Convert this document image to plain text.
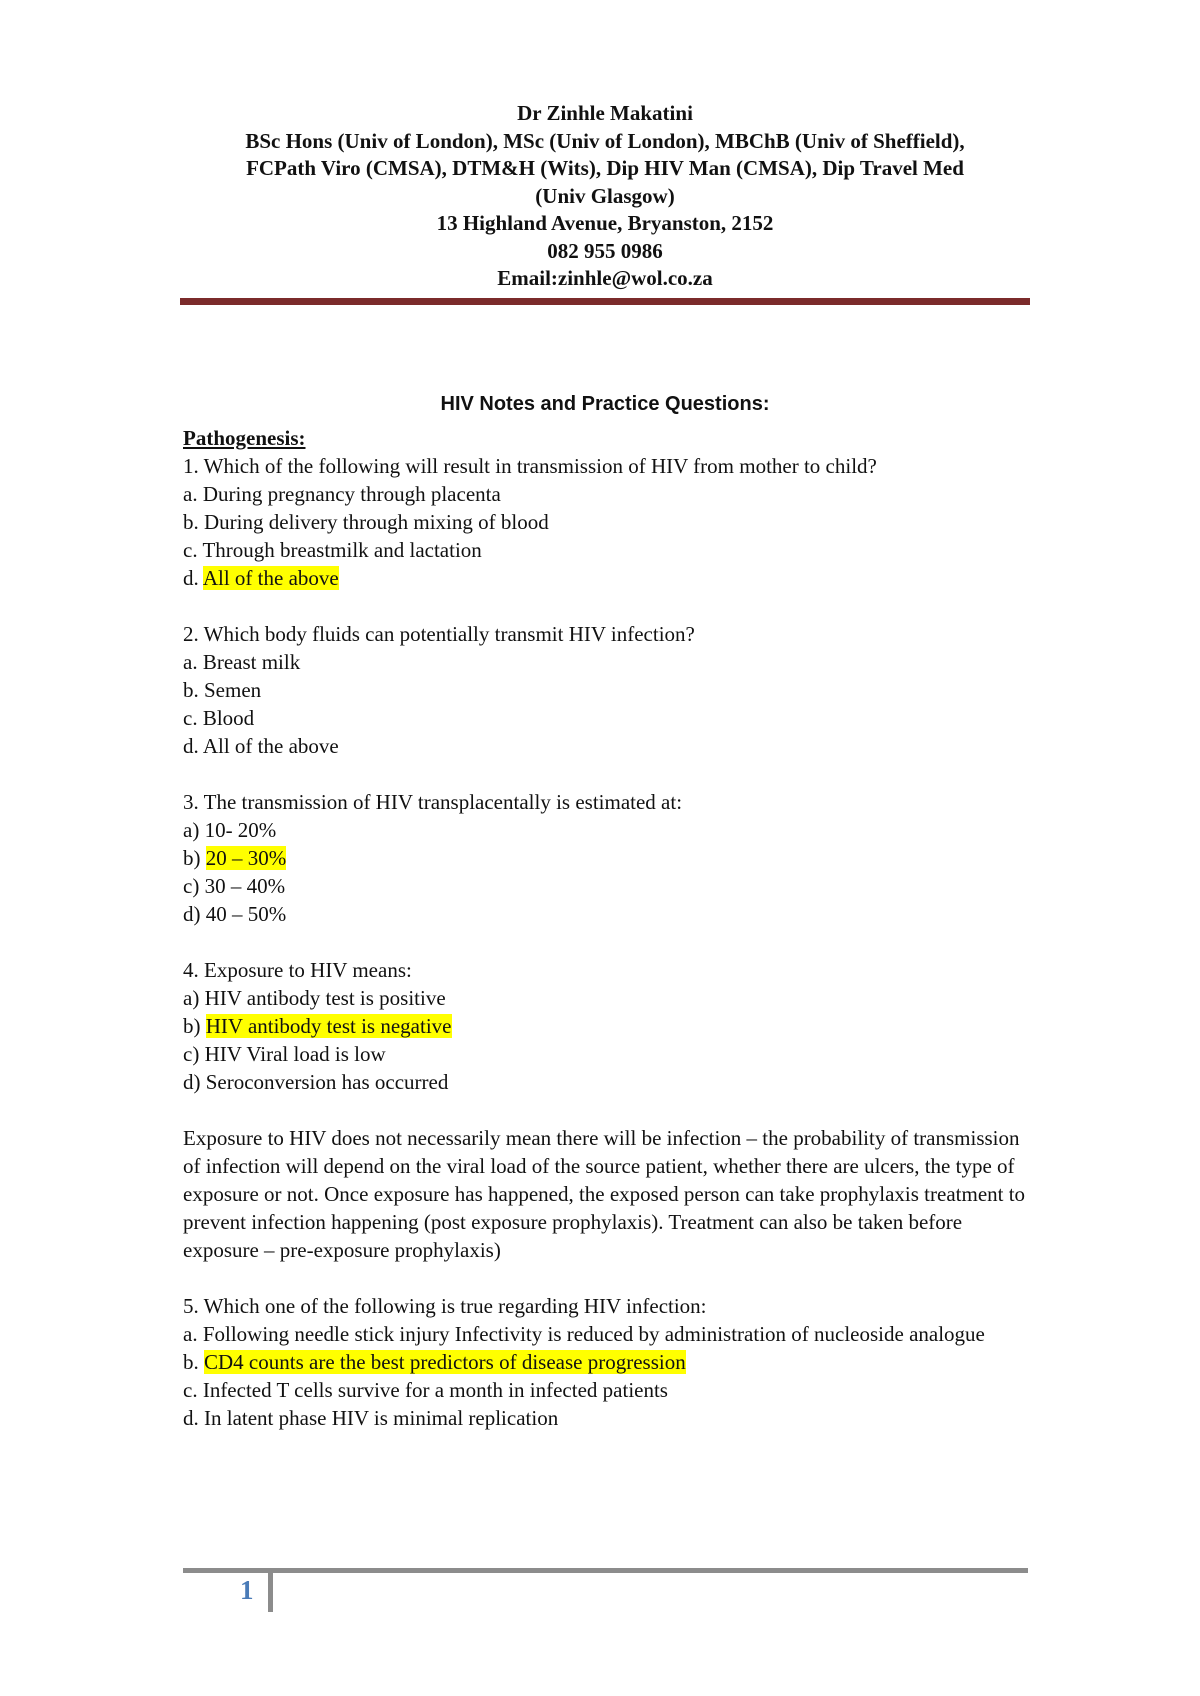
Dr Zinhle Makatini
BSc Hons (Univ of London), MSc (Univ of London), MBChB (Univ of Sheffield),
FCPath Viro (CMSA), DTM&H (Wits), Dip HIV Man (CMSA), Dip Travel Med
(Univ Glasgow)
13 Highland Avenue, Bryanston, 2152
082 955 0986
Email:zinhle@wol.co.za
HIV Notes and Practice Questions:
Pathogenesis:
1. Which of the following will result in transmission of HIV from mother to child?
a. During pregnancy through placenta
b. During delivery through mixing of blood
c. Through breastmilk and lactation
d. All of the above
2. Which body fluids can potentially transmit HIV infection?
a. Breast milk
b. Semen
c. Blood
d. All of the above
3. The transmission of HIV transplacentally is estimated at:
a) 10- 20%
b) 20 – 30%
c) 30 – 40%
d) 40 – 50%
4. Exposure to HIV means:
a) HIV antibody test is positive
b) HIV antibody test is negative
c) HIV Viral load is low
d) Seroconversion has occurred

Exposure to HIV does not necessarily mean there will be infection – the probability of transmission of infection will depend on the viral load of the source patient, whether there are ulcers, the type of exposure or not. Once exposure has happened, the exposed person can take prophylaxis treatment to prevent infection happening (post exposure prophylaxis). Treatment can also be taken before exposure – pre-exposure prophylaxis)

5. Which one of the following is true regarding HIV infection:
a. Following needle stick injury Infectivity is reduced by administration of nucleoside analogue
b. CD4 counts are the best predictors of disease progression
c. Infected T cells survive for a month in infected patients
d. In latent phase HIV is minimal replication
1
